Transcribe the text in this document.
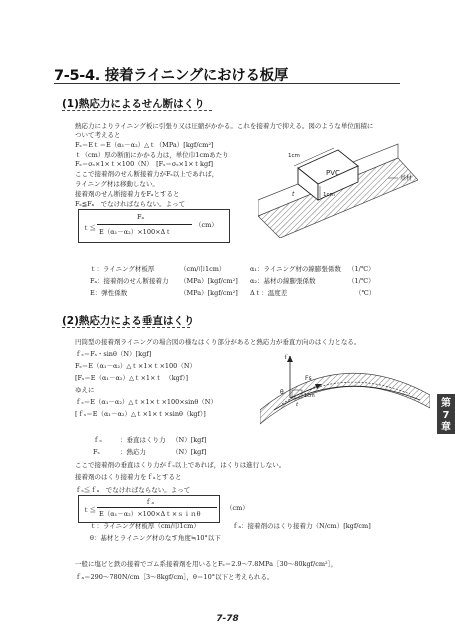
7-5-4. 接着ライニングにおける板厚
(1)熱応力によるせん断はくり
熱応力によりライニング板に引張り又は圧縮がかかる。これを接着力で抑える。図のような単位面積に
ついて考えると
Fₛ＝Eｔ＝E（α₁－α₂）△ｔ（MPa）[kgf/cm²]
ｔ（cm）厚の断面にかかる力は，単位巾1cmあたり
Fₛ＝σₛ×1×ｔ×100（N）　[Fₛ＝σₛ×1×ｔkgf]
ここで接着剤のせん断接着力がFₛ以上であれば，
ライニング材は移動しない。
接着剤のせん断接着力をFₐとすると
Fₛ≦Fₐ　でなければならない。よって
PVC
1cm
1cm
t
基材
ｔ≦
Fₐ
E（α₁－α₂）×100×Δｔ
（cm）
ｔ：ライニング材板厚	（cm/巾1cm）	α₁：ライニング材の線膨張係数 （1/℃）
Fₐ：接着剤のせん断接着力 （MPa）[kgf/cm²] α₂：基材の線膨張係数	（1/℃）
E：弾性係数	（MPa）[kgf/cm²] Δｔ：温度差	（℃）
(2)熱応力による垂直はくり
円筒型の接着剤ライニングの場合図の様なはくり部分があると熱応力が垂直方向のはく力となる。
ｆₛ＝Fₛ・sinθ（N）[kgf]
Fₛ＝E（α₁－α₂）△ｔ×1×ｔ×100（N）
[Fₛ＝E（α₁－α₂）△ｔ×1×ｔ　（kgf）]
ゆえに
ｆₛ＝E（α₁－α₂）△ｔ×1×ｔ×100×sinθ（N）
[ｆₛ＝E（α₁－α₂）△ｔ×1×ｔ×sinθ（kgf）]
ｆs
Fs
θ	1cm
t
ｆₛ	：垂直はくり力 （N）[kgf]
Fₛ	：熱応力	（N）[kgf]
ここで接着剤の垂直はくり力がｆₛ以上であれば，はくりは進行しない。
接着剤のはくり接着力をｆₐとすると
ｆₛ≦ｆₐ　でなければならない。よって
ｔ≦
ｆₐ
E（α₁－α₂）×100×Δｔ×ｓｉｎθ
（cm）
ｔ：ライニング材板厚（cm/巾1cm）	ｆₐ：接着剤のはくり接着力（N/cm）[kgf/cm]
θ：基材とライニング材のなす角度≒10°以下
一般に塩ビと鉄の接着でゴム系接着剤を用いるとFₛ＝2.9～7.8MPa［30～80kgf/cm²］，
ｆₐ＝290～780N/cm［3～8kgf/cm］，θ＝10°以下と考えられる。
第
7
章
7-78
